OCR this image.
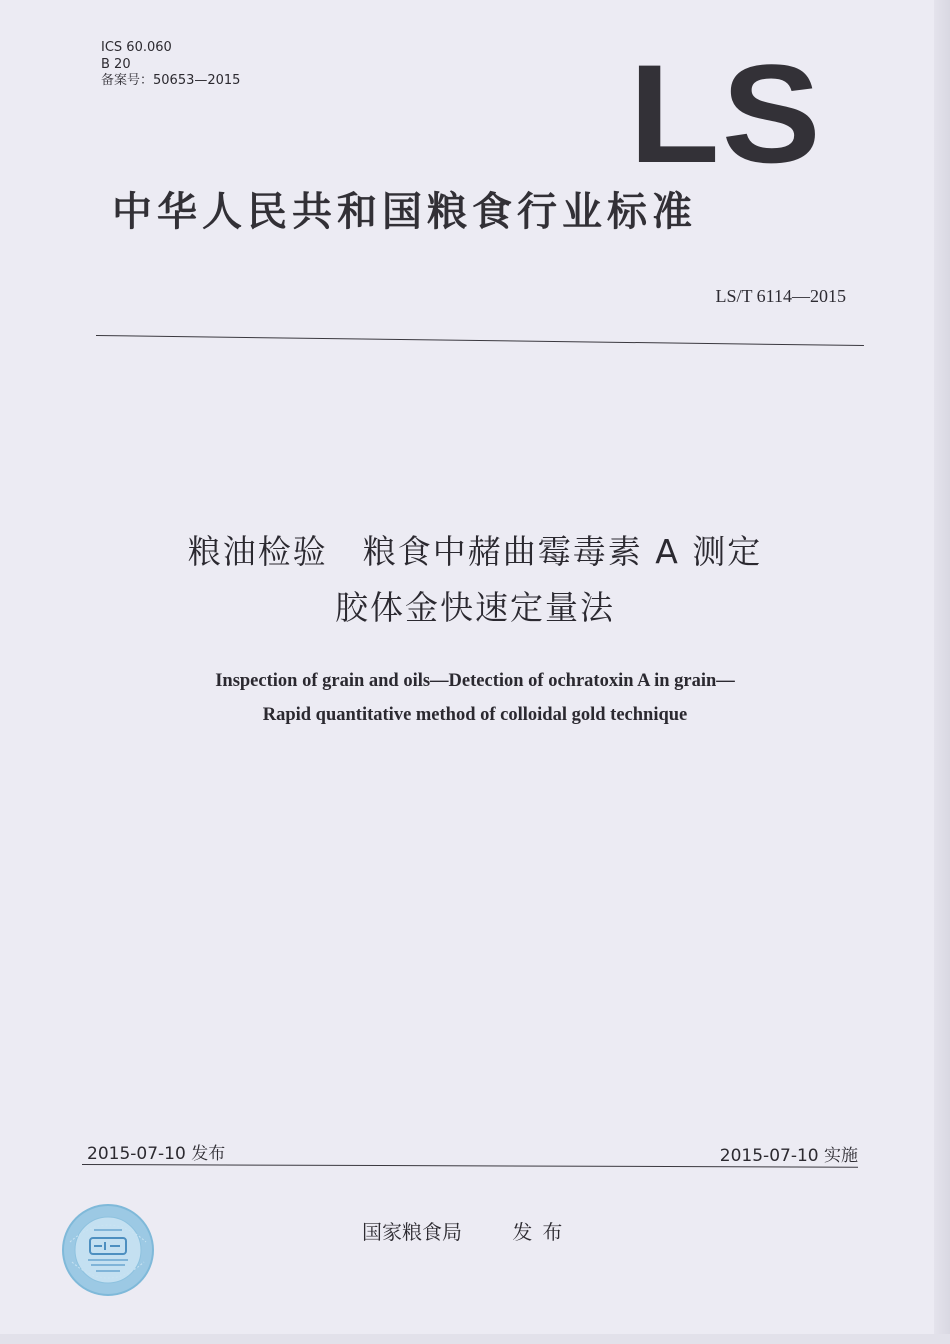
ICS 60.060
B 20
备案号：50653—2015	LS
中华人民共和国粮食行业标准
LS/T 6114—2015
粮油检验　粮食中赭曲霉毒素 A 测定
胶体金快速定量法
Inspection of grain and oils—Detection of ochratoxin A in grain—
Rapid quantitative method of colloidal gold technique
2015-07-10 发布	2015-07-10 实施
国家粮食局	发布
